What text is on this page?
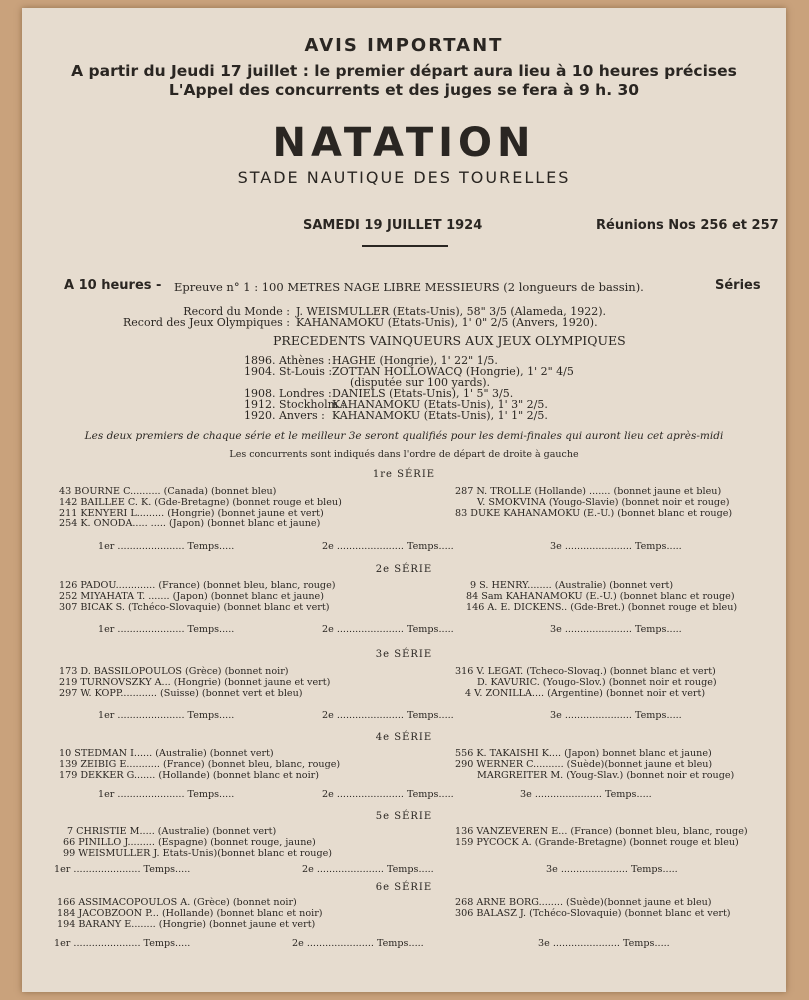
AVIS IMPORTANT
A partir du Jeudi 17 juillet : le premier départ aura lieu à 10 heures précises
L'Appel des concurrents et des juges se fera à 9 h. 30
NATATION
STADE NAUTIQUE DES TOURELLES
SAMEDI 19 JUILLET 1924	Réunions Nos 256 et 257
A 10 heures - Epreuve n° 1 : 100 METRES NAGE LIBRE MESSIEURS (2 longueurs de bassin).	Séries
Record du Monde : J. WEISMULLER (Etats-Unis), 58" 3/5 (Alameda, 1922).
Record des Jeux Olympiques : KAHANAMOKU (Etats-Unis), 1' 0" 2/5 (Anvers, 1920).
PRECEDENTS VAINQUEURS AUX JEUX OLYMPIQUES
1896. Athènes : HAGHE (Hongrie), 1' 22" 1/5.
1904. St-Louis : ZOTTAN HOLLOWACQ (Hongrie), 1' 2" 4/5
(disputée sur 100 yards).
1908. Londres : DANIELS (Etats-Unis), 1' 5" 3/5.
1912. Stockholm :
KAHANAMOKU (Etats-Unis), 1' 3" 2/5.
1920. Anvers : KAHANAMOKU (Etats-Unis), 1' 1" 2/5.
Les deux premiers de chaque série et le meilleur 3e seront qualifiés pour les demi-finales qui auront lieu cet après-midi
Les concurrents sont indiqués dans l'ordre de départ de droite à gauche
1re SÉRIE
43 BOURNE C.......... (Canada) (bonnet bleu)
142 BAILLEE C. K. (Gde-Bretagne) (bonnet rouge et bleu)
211 KENYERI L......... (Hongrie) (bonnet jaune et vert)
254 K. ONODA..... ..... (Japon) (bonnet blanc et jaune)
287 N. TROLLE (Hollande) ....... (bonnet jaune et bleu)
V. SMOKVINA (Yougo-Slavie) (bonnet noir et rouge)
83 DUKE KAHANAMOKU (E.-U.) (bonnet blanc et rouge)
1er ...................... Temps.....	2e ...................... Temps.....	3e ...................... Temps.....
2e SÉRIE
126 PADOU............. (France) (bonnet bleu, blanc, rouge)
252 MIYAHATA T. ....... (Japon) (bonnet blanc et jaune)
307 BICAK S. (Tchéco-Slovaquie) (bonnet blanc et vert)
9 S. HENRY........ (Australie) (bonnet vert)
84 Sam KAHANAMOKU (E.-U.) (bonnet blanc et rouge)
146 A. E. DICKENS.. (Gde-Bret.) (bonnet rouge et bleu)
1er ...................... Temps.....	2e ...................... Temps.....	3e ...................... Temps.....
3e SÉRIE
173 D. BASSILOPOULOS (Grèce) (bonnet noir)
219 TURNOVSZKY A... (Hongrie) (bonnet jaune et vert)
297 W. KOPP............ (Suisse) (bonnet vert et bleu)
316 V. LEGAT. (Tcheco-Slovaq.) (bonnet blanc et vert)
D. KAVURIC. (Yougo-Slov.) (bonnet noir et rouge)
4 V. ZONILLA.... (Argentine) (bonnet noir et vert)
1er ...................... Temps.....	2e ...................... Temps.....	3e ...................... Temps.....
4e SÉRIE
10 STEDMAN I...... (Australie) (bonnet vert)
139 ZEIBIG E........... (France) (bonnet bleu, blanc, rouge)
179 DEKKER G....... (Hollande) (bonnet blanc et noir)
556 K. TAKAISHI K.... (Japon) bonnet blanc et jaune)
290 WERNER C.......... (Suède)(bonnet jaune et bleu)
MARGREITER M. (Youg-Slav.) (bonnet noir et rouge)
1er ...................... Temps.....	2e ...................... Temps.....	3e ...................... Temps.....
5e SÉRIE
7 CHRISTIE M..... (Australie) (bonnet vert)
66 PINILLO J......... (Espagne) (bonnet rouge, jaune)
99 WEISMULLER J. Etats-Unis)(bonnet blanc et rouge)
136 VANZEVEREN E... (France) (bonnet bleu, blanc, rouge)
159 PYCOCK A. (Grande-Bretagne) (bonnet rouge et bleu)
1er ...................... Temps.....	2e ...................... Temps.....	3e ...................... Temps.....
6e SÉRIE
166 ASSIMACOPOULOS A. (Grèce) (bonnet noir)
184 JACOBZOON P... (Hollande) (bonnet blanc et noir)
194 BARANY E........ (Hongrie) (bonnet jaune et vert)
268 ARNE BORG........ (Suède)(bonnet jaune et bleu)
306 BALASZ J. (Tchéco-Slovaquie) (bonnet blanc et vert)
1er ...................... Temps.....	2e ...................... Temps.....	3e ...................... Temps.....
